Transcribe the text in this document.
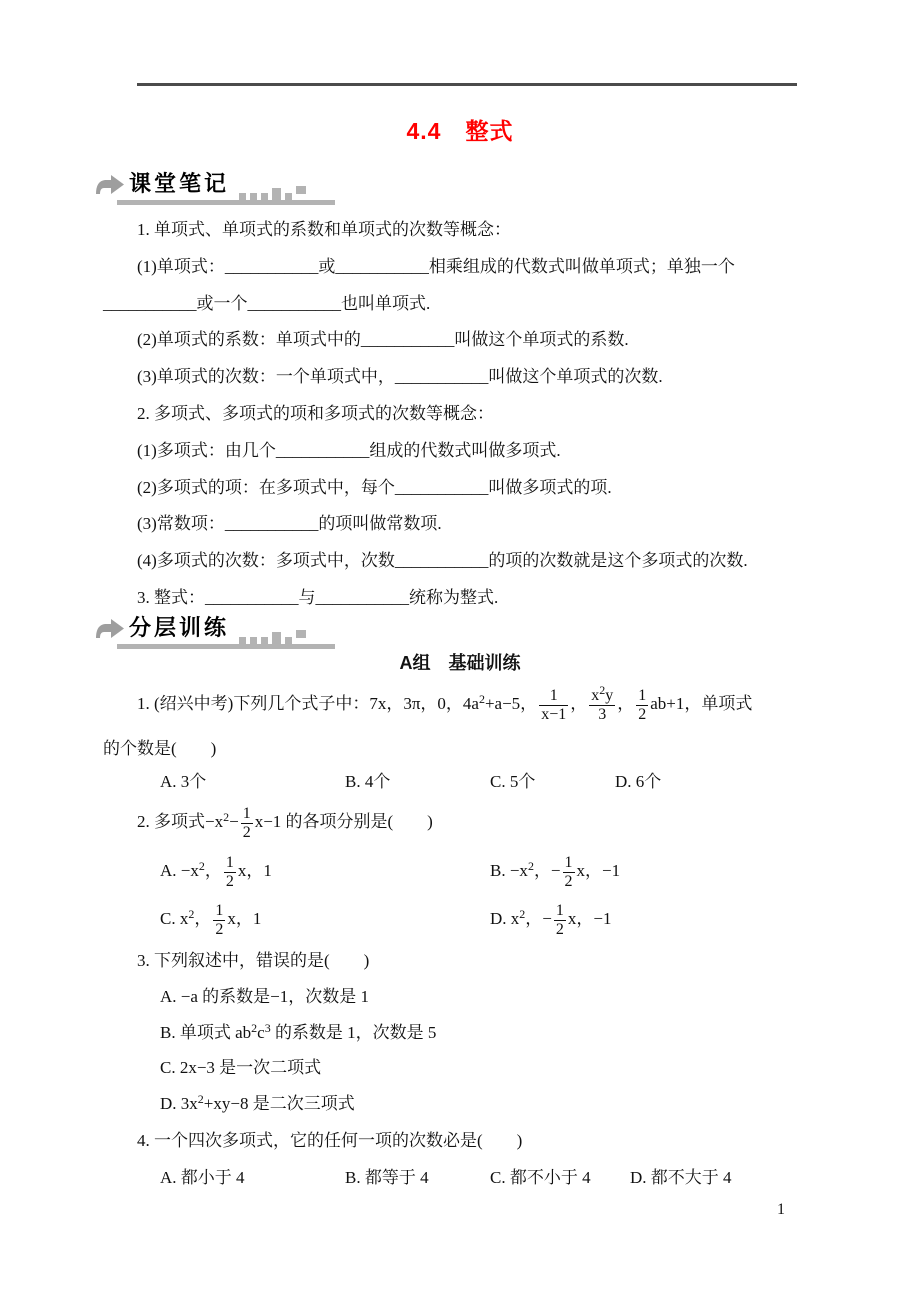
4.4　整式
课堂笔记

1. 单项式、单项式的系数和单项式的次数等概念：

(1)单项式：___________或___________相乘组成的代数式叫做单项式；单独一个

___________或一个___________也叫单项式.

(2)单项式的系数：单项式中的___________叫做这个单项式的系数.

(3)单项式的次数：一个单项式中，___________叫做这个单项式的次数.

2. 多项式、多项式的项和多项式的次数等概念：

(1)多项式：由几个___________组成的代数式叫做多项式.

(2)多项式的项：在多项式中，每个___________叫做多项式的项.

(3)常数项：___________的项叫做常数项.

(4)多项式的次数：多项式中，次数___________的项的次数就是这个多项式的次数.

3. 整式：___________与___________统称为整式.

分层训练
A组　基础训练
1. (绍兴中考)下列几个式子中：7x，3π，0，$4a^2+a-5$， $\frac{1}{x-1}$ ， $\frac{x^2y}{3}$ ， $\frac{1}{2} ab+1$，单项式
的个数是(　　)
A. 3个	B. 4个	C. 5个	D. 6个
2. 多项式$-x^2- \frac{1}{2} x-1$ 的各项分别是(　　)
A. $-x^2$， $\frac{1}{2}$ x，1	B. $-x^2$，− $\frac{1}{2}$ x，−1
C. $x^2$， $\frac{1}{2}$ x，1	D. $x^2$，− $\frac{1}{2}$ x，−1
3. 下列叙述中，错误的是(　　)
A. −a 的系数是−1，次数是 1
B. 单项式 $ab^2c^3$ 的系数是 1，次数是 5
C. 2x−3 是一次二项式
D. $3x^2+xy-8$ 是二次三项式
4. 一个四次多项式，它的任何一项的次数必是(　　)
A. 都小于 4	B. 都等于 4	C. 都不小于 4	D. 都不大于 4
1
